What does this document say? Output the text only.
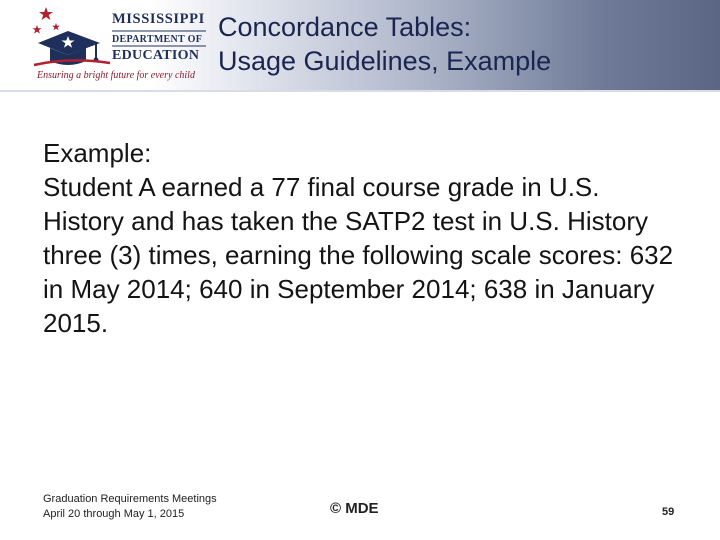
MISSISSIPPI
DEPARTMENT OF
EDUCATION
Ensuring a bright future for every child
Concordance Tables:
Usage Guidelines, Example

Example:

Student A earned a 77 final course grade in U.S. History and has taken the SATP2 test in U.S. History three (3) times, earning the following scale scores: 632 in May 2014; 640 in September 2014; 638 in January 2015.

Graduation Requirements Meetings April 20 through May 1, 2015	© MDE	59
